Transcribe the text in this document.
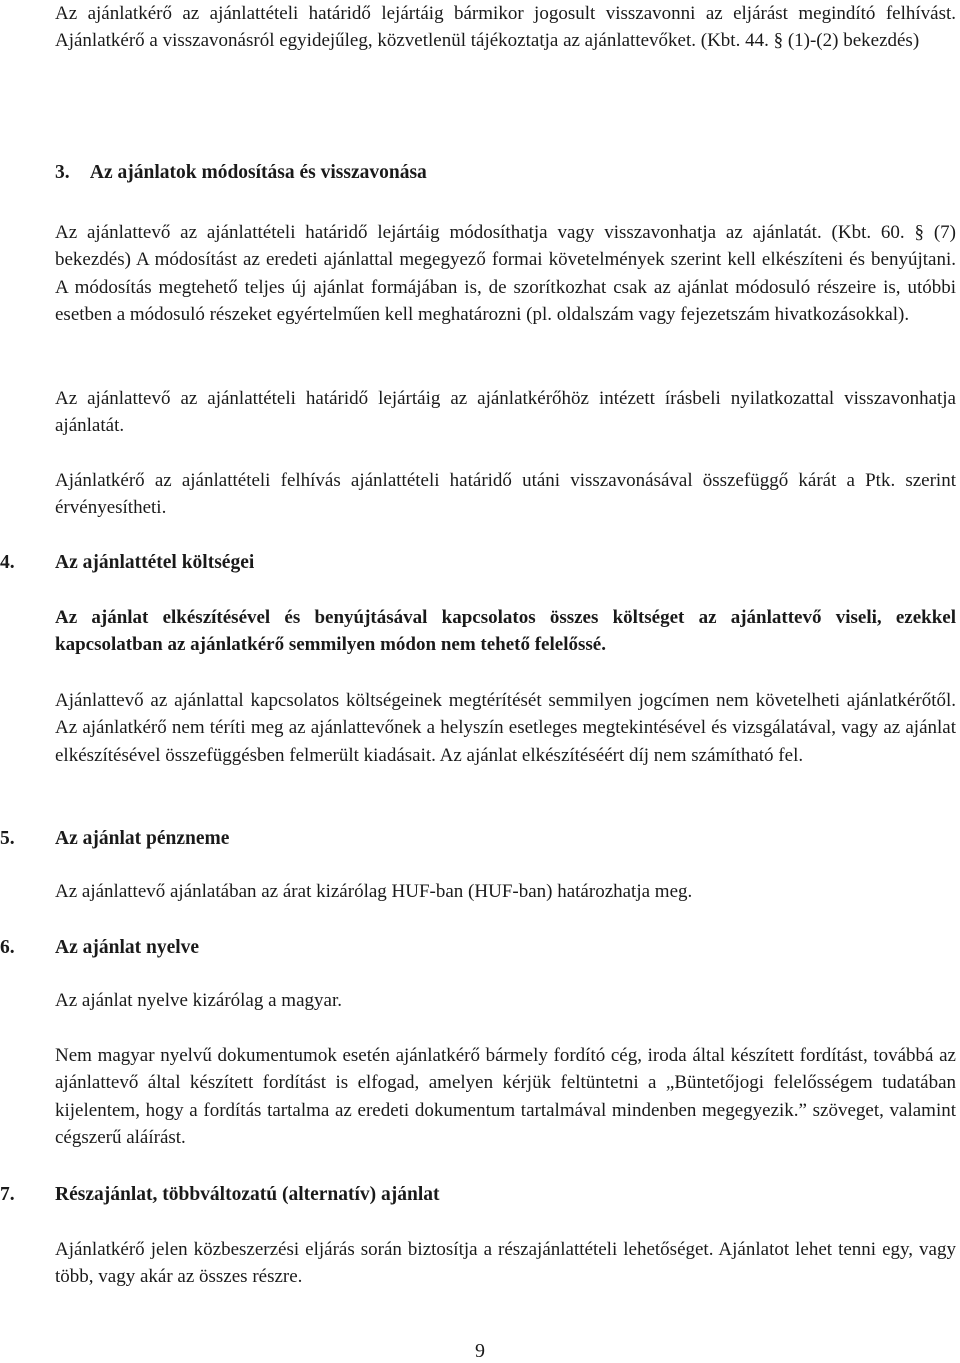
Az ajánlatkérő az ajánlattételi határidő lejártáig bármikor jogosult visszavonni az eljárást megindító felhívást. Ajánlatkérő a visszavonásról egyidejűleg, közvetlenül tájékoztatja az ajánlattevőket. (Kbt. 44. § (1)-(2) bekezdés)

3. Az ajánlatok módosítása és visszavonása

Az ajánlattevő az ajánlattételi határidő lejártáig módosíthatja vagy visszavonhatja az ajánlatát. (Kbt. 60. § (7) bekezdés) A módosítást az eredeti ajánlattal megegyező formai követelmények szerint kell elkészíteni és benyújtani. A módosítás megtehető teljes új ajánlat formájában is, de szorítkozhat csak az ajánlat módosuló részeire is, utóbbi esetben a módosuló részeket egyértelműen kell meghatározni (pl. oldalszám vagy fejezetszám hivatkozásokkal).

Az ajánlattevő az ajánlattételi határidő lejártáig az ajánlatkérőhöz intézett írásbeli nyilatkozattal visszavonhatja ajánlatát.

Ajánlatkérő az ajánlattételi felhívás ajánlattételi határidő utáni visszavonásával összefüggő kárát a Ptk. szerint érvényesítheti.

4. Az ajánlattétel költségei

Az ajánlat elkészítésével és benyújtásával kapcsolatos összes költséget az ajánlattevő viseli, ezekkel kapcsolatban az ajánlatkérő semmilyen módon nem tehető felelőssé.

Ajánlattevő az ajánlattal kapcsolatos költségeinek megtérítését semmilyen jogcímen nem követelheti ajánlatkérőtől. Az ajánlatkérő nem téríti meg az ajánlattevőnek a helyszín esetleges megtekintésével és vizsgálatával, vagy az ajánlat elkészítésével összefüggésben felmerült kiadásait. Az ajánlat elkészítéséért díj nem számítható fel.

5. Az ajánlat pénzneme

Az ajánlattevő ajánlatában az árat kizárólag HUF-ban (HUF-ban) határozhatja meg.

6. Az ajánlat nyelve

Az ajánlat nyelve kizárólag a magyar.

Nem magyar nyelvű dokumentumok esetén ajánlatkérő bármely fordító cég, iroda által készített fordítást, továbbá az ajánlattevő által készített fordítást is elfogad, amelyen kérjük feltüntetni a „Büntetőjogi felelősségem tudatában kijelentem, hogy a fordítás tartalma az eredeti dokumentum tartalmával mindenben megegyezik.” szöveget, valamint cégszerű aláírást.

7. Részajánlat, többváltozatú (alternatív) ajánlat

Ajánlatkérő jelen közbeszerzési eljárás során biztosítja a részajánlattételi lehetőséget. Ajánlatot lehet tenni egy, vagy több, vagy akár az összes részre.

9
